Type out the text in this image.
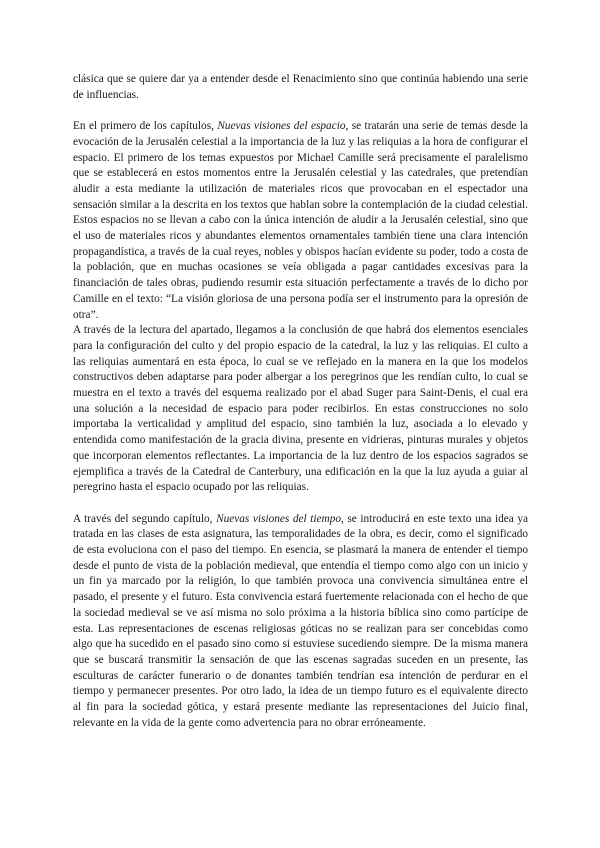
clásica que se quiere dar ya a entender desde el Renacimiento sino que continúa habiendo una serie de influencias.

En el primero de los capítulos, Nuevas visiones del espacio, se tratarán una serie de temas desde la evocación de la Jerusalén celestial a la importancia de la luz y las reliquias a la hora de configurar el espacio. El primero de los temas expuestos por Michael Camille será precisamente el paralelismo que se establecerá en estos momentos entre la Jerusalén celestial y las catedrales, que pretendían aludir a esta mediante la utilización de materiales ricos que provocaban en el espectador una sensación similar a la descrita en los textos que hablan sobre la contemplación de la ciudad celestial. Estos espacios no se llevan a cabo con la única intención de aludir a la Jerusalén celestial, sino que el uso de materiales ricos y abundantes elementos ornamentales también tiene una clara intención propagandística, a través de la cual reyes, nobles y obispos hacían evidente su poder, todo a costa de la población, que en muchas ocasiones se veía obligada a pagar cantidades excesivas para la financiación de tales obras, pudiendo resumir esta situación perfectamente a través de lo dicho por Camille en el texto: “La visión gloriosa de una persona podía ser el instrumento para la opresión de otra”.

A través de la lectura del apartado, llegamos a la conclusión de que habrá dos elementos esenciales para la configuración del culto y del propio espacio de la catedral, la luz y las reliquias. El culto a las reliquias aumentará en esta época, lo cual se ve reflejado en la manera en la que los modelos constructivos deben adaptarse para poder albergar a los peregrinos que les rendían culto, lo cual se muestra en el texto a través del esquema realizado por el abad Suger para Saint-Denis, el cual era una solución a la necesidad de espacio para poder recibirlos. En estas construcciones no solo importaba la verticalidad y amplitud del espacio, sino también la luz, asociada a lo elevado y entendida como manifestación de la gracia divina, presente en vidrieras, pinturas murales y objetos que incorporan elementos reflectantes. La importancia de la luz dentro de los espacios sagrados se ejemplifica a través de la Catedral de Canterbury, una edificación en la que la luz ayuda a guiar al peregrino hasta el espacio ocupado por las reliquias.

A través del segundo capítulo, Nuevas visiones del tiempo, se introducirá en este texto una idea ya tratada en las clases de esta asignatura, las temporalidades de la obra, es decir, como el significado de esta evoluciona con el paso del tiempo. En esencia, se plasmará la manera de entender el tiempo desde el punto de vista de la población medieval, que entendía el tiempo como algo con un inicio y un fin ya marcado por la religión, lo que también provoca una convivencia simultánea entre el pasado, el presente y el futuro. Esta convivencia estará fuertemente relacionada con el hecho de que la sociedad medieval se ve así misma no solo próxima a la historia bíblica sino como partícipe de esta. Las representaciones de escenas religiosas góticas no se realizan para ser concebidas como algo que ha sucedido en el pasado sino como si estuviese sucediendo siempre. De la misma manera que se buscará transmitir la sensación de que las escenas sagradas suceden en un presente, las esculturas de carácter funerario o de donantes también tendrían esa intención de perdurar en el tiempo y permanecer presentes. Por otro lado, la idea de un tiempo futuro es el equivalente directo al fin para la sociedad gótica, y estará presente mediante las representaciones del Juicio final, relevante en la vida de la gente como advertencia para no obrar erróneamente.
